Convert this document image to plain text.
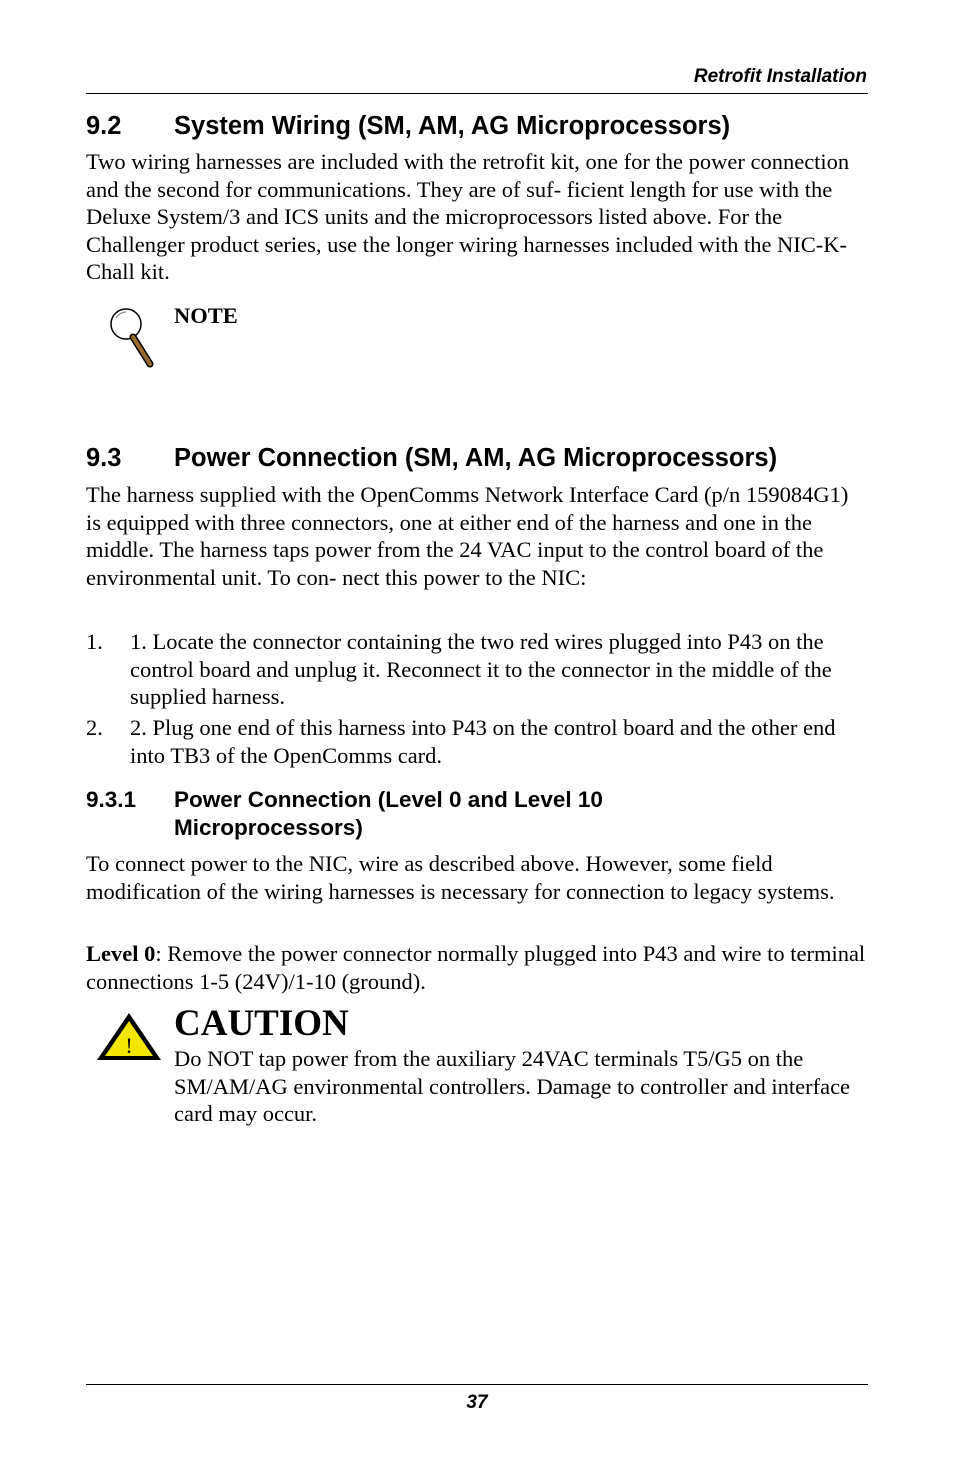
Retrofit Installation
9.2 System Wiring (SM, AM, AG Microprocessors)

Two wiring harnesses are included with the retrofit kit, one for the power connection and the second for communications. They are of suf- ficient length for use with the Deluxe System/3 and ICS units and the microprocessors listed above. For the Challenger product series, use the longer wiring harnesses included with the NIC-K-Chall kit.

NOTE
9.3 Power Connection (SM, AM, AG Microprocessors)

The harness supplied with the OpenComms Network Interface Card (p/n 159084G1) is equipped with three connectors, one at either end of the harness and one in the middle. The harness taps power from the 24 VAC input to the control board of the environmental unit. To con- nect this power to the NIC:

1. 1. Locate the connector containing the two red wires plugged into P43 on the control board and unplug it. Reconnect it to the connector in the middle of the supplied harness.
2. 2. Plug one end of this harness into P43 on the control board and the other end into TB3 of the OpenComms card.
9.3.1 Power Connection (Level 0 and Level 10 Microprocessors)

To connect power to the NIC, wire as described above. However, some field modification of the wiring harnesses is necessary for connection to legacy systems.

Level 0: Remove the power connector normally plugged into P43 and wire to terminal connections 1-5 (24V)/1-10 (ground).

!
CAUTION
Do NOT tap power from the auxiliary 24VAC terminals T5/G5 on the SM/AM/AG environmental controllers. Damage to controller and interface card may occur.
37
